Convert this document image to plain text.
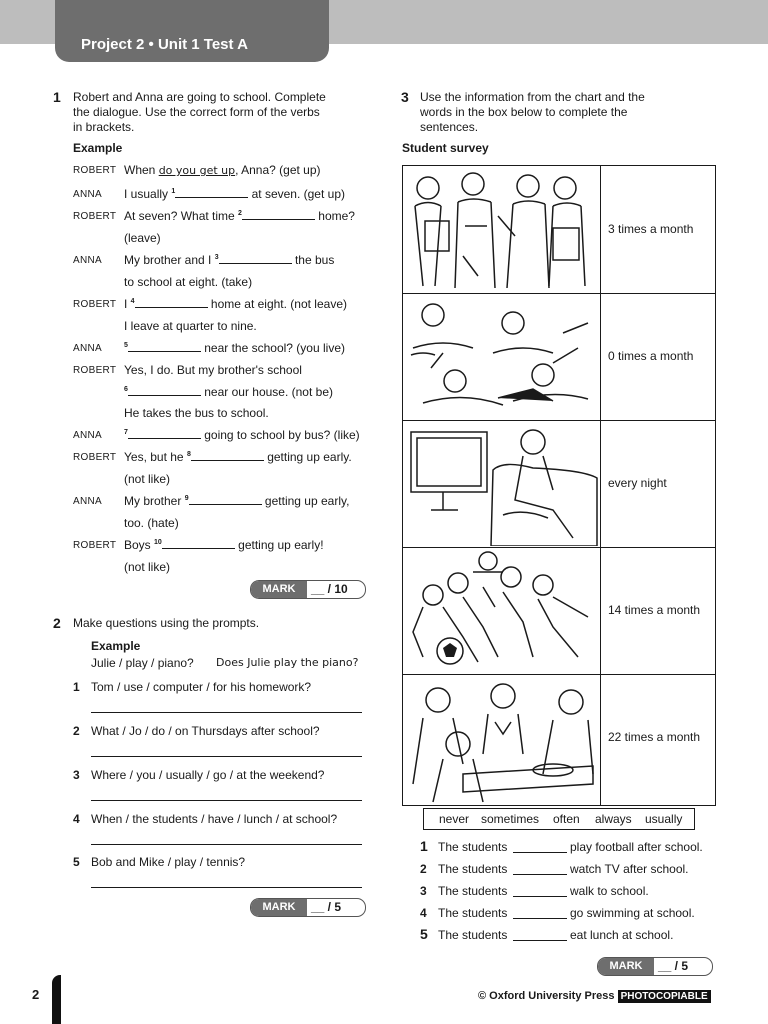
Project 2 • Unit 1 Test A
1 Robert and Anna are going to school. Complete
the dialogue. Use the correct form of the verbs
in brackets.
Example
ROBERT When do you get up, Anna? (get up)
ANNA I usually $^1$	at seven. (get up)
ROBERT At seven? What time $^2$	home?
(leave)
ANNA My brother and I $^3$	the bus
to school at eight. (take)
ROBERT I $^4$	home at eight. (not leave)
I leave at quarter to nine.
ANNA	$^5$	near the school? (you live)
ROBERT Yes, I do. But my brother's school
$^6$	near our house. (not be)
He takes the bus to school.
ANNA	$^7$	going to school by bus? (like)
ROBERT Yes, but he $^8$	getting up early.
(not like)
ANNA My brother $^9$	getting up early,
too. (hate)
ROBERT Boys $^{10}$	getting up early!
(not like)
MARK	__ / 10
2 Make questions using the prompts.
Example
Julie / play / piano? Does Julie play the piano?
1 Tom / use / computer / for his homework?
2 What / Jo / do / on Thursdays after school?
3 Where / you / usually / go / at the weekend?
4 When / the students / have / lunch / at school?
5 Bob and Mike / play / tennis?
MARK	__ / 5
3 Use the information from the chart and the
words in the box below to complete the
sentences.
Student survey
3 times a month
0 times a month
every night
14 times a month
22 times a month
never sometimes often always usually
1 The students	play football after school.
2 The students	watch TV after school.
3 The students	walk to school.
4 The students	go swimming at school.
5 The students	eat lunch at school.
MARK	__ / 5
2	© Oxford University Press PHOTOCOPIABLE
